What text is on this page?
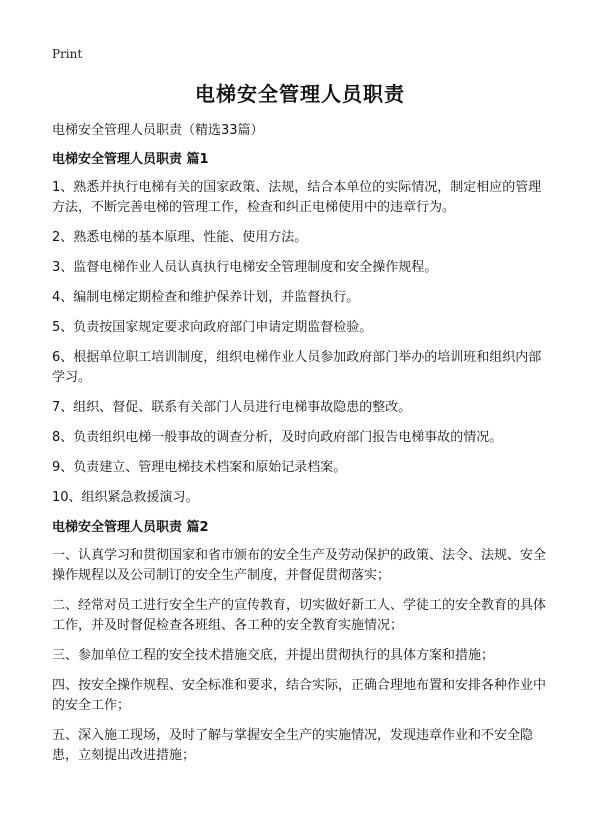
Print
电梯安全管理人员职责

电梯安全管理人员职责（精选33篇）

电梯安全管理人员职责 篇1

1、熟悉并执行电梯有关的国家政策、法规，结合本单位的实际情况，制定相应的管理方法，不断完善电梯的管理工作，检查和纠正电梯使用中的违章行为。

2、熟悉电梯的基本原理、性能、使用方法。

3、监督电梯作业人员认真执行电梯安全管理制度和安全操作规程。

4、编制电梯定期检查和维护保养计划，并监督执行。

5、负责按国家规定要求向政府部门申请定期监督检验。

6、根据单位职工培训制度，组织电梯作业人员参加政府部门举办的培训班和组织内部学习。

7、组织、督促、联系有关部门人员进行电梯事故隐患的整改。

8、负责组织电梯一般事故的调查分析，及时向政府部门报告电梯事故的情况。

9、负责建立、管理电梯技术档案和原始记录档案。

10、组织紧急救援演习。

电梯安全管理人员职责 篇2

一、认真学习和贯彻国家和省市颁布的安全生产及劳动保护的政策、法令、法规、安全操作规程以及公司制订的安全生产制度，并督促贯彻落实；

二、经常对员工进行安全生产的宣传教育，切实做好新工人、学徒工的安全教育的具体工作，并及时督促检查各班组、各工种的安全教育实施情况；

三、参加单位工程的安全技术措施交底，并提出贯彻执行的具体方案和措施；

四、按安全操作规程、安全标准和要求，结合实际，正确合理地布置和安排各种作业中的安全工作；

五、深入施工现场，及时了解与掌握安全生产的实施情况，发现违章作业和不安全隐患，立刻提出改进措施；
